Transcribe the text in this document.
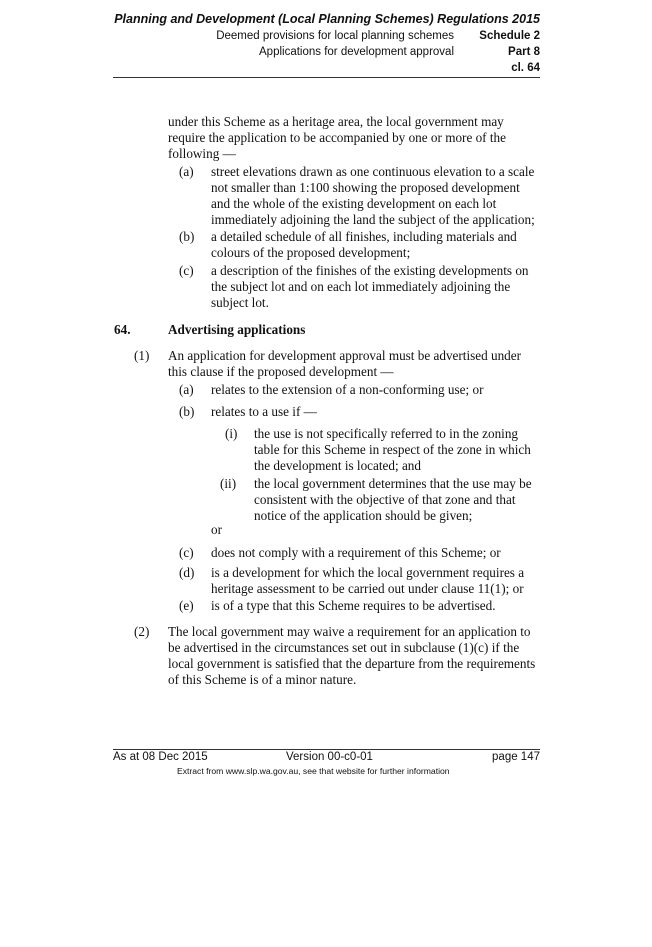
Planning and Development (Local Planning Schemes) Regulations 2015
Deemed provisions for local planning schemes Schedule 2
Applications for development approval	Part 8
cl. 64
under this Scheme as a heritage area, the local government may
require the application to be accompanied by one or more of the
following —
(a) street elevations drawn as one continuous elevation to a scale
not smaller than 1:100 showing the proposed development
and the whole of the existing development on each lot
immediately adjoining the land the subject of the application;
(b) a detailed schedule of all finishes, including materials and
colours of the proposed development;
(c) a description of the finishes of the existing developments on
the subject lot and on each lot immediately adjoining the
subject lot.
64.	Advertising applications
(1) An application for development approval must be advertised under
this clause if the proposed development —
(a) relates to the extension of a non-conforming use; or
(b) relates to a use if —
(i) the use is not specifically referred to in the zoning
table for this Scheme in respect of the zone in which
the development is located; and
(ii) the local government determines that the use may be
consistent with the objective of that zone and that
notice of the application should be given;
or
(c) does not comply with a requirement of this Scheme; or
(d) is a development for which the local government requires a
heritage assessment to be carried out under clause 11(1); or
(e) is of a type that this Scheme requires to be advertised.
(2) The local government may waive a requirement for an application to
be advertised in the circumstances set out in subclause (1)(c) if the
local government is satisfied that the departure from the requirements
of this Scheme is of a minor nature.
As at 08 Dec 2015	Version 00-c0-01	page 147
Extract from www.slp.wa.gov.au, see that website for further information
